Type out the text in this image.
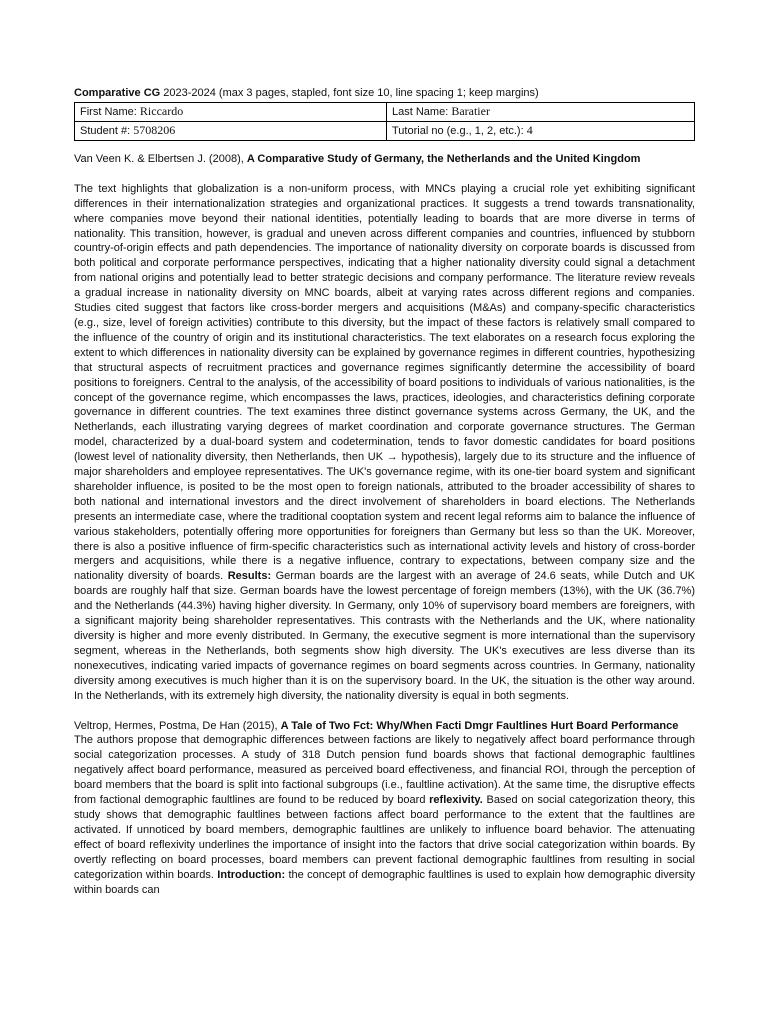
Comparative CG 2023-2024 (max 3 pages, stapled, font size 10, line spacing 1; keep margins)
First Name: Riccardo	Last Name: Baratier
Student #: 5708206	Tutorial no (e.g., 1, 2, etc.): 4
Van Veen K. & Elbertsen J. (2008), A Comparative Study of Germany, the Netherlands and the United Kingdom

The text highlights that globalization is a non-uniform process, with MNCs playing a crucial role yet exhibiting significant differences in their internationalization strategies and organizational practices. It suggests a trend towards transnationality, where companies move beyond their national identities, potentially leading to boards that are more diverse in terms of nationality. This transition, however, is gradual and uneven across different companies and countries, influenced by stubborn country-of-origin effects and path dependencies. The importance of nationality diversity on corporate boards is discussed from both political and corporate performance perspectives, indicating that a higher nationality diversity could signal a detachment from national origins and potentially lead to better strategic decisions and company performance. The literature review reveals a gradual increase in nationality diversity on MNC boards, albeit at varying rates across different regions and companies. Studies cited suggest that factors like cross-border mergers and acquisitions (M&As) and company-specific characteristics (e.g., size, level of foreign activities) contribute to this diversity, but the impact of these factors is relatively small compared to the influence of the country of origin and its institutional characteristics. The text elaborates on a research focus exploring the extent to which differences in nationality diversity can be explained by governance regimes in different countries, hypothesizing that structural aspects of recruitment practices and governance regimes significantly determine the accessibility of board positions to foreigners. Central to the analysis, of the accessibility of board positions to individuals of various nationalities, is the concept of the governance regime, which encompasses the laws, practices, ideologies, and characteristics defining corporate governance in different countries. The text examines three distinct governance systems across Germany, the UK, and the Netherlands, each illustrating varying degrees of market coordination and corporate governance structures. The German model, characterized by a dual-board system and codetermination, tends to favor domestic candidates for board positions (lowest level of nationality diversity, then Netherlands, then UK → hypothesis), largely due to its structure and the influence of major shareholders and employee representatives. The UK's governance regime, with its one-tier board system and significant shareholder influence, is posited to be the most open to foreign nationals, attributed to the broader accessibility of shares to both national and international investors and the direct involvement of shareholders in board elections. The Netherlands presents an intermediate case, where the traditional cooptation system and recent legal reforms aim to balance the influence of various stakeholders, potentially offering more opportunities for foreigners than Germany but less so than the UK. Moreover, there is also a positive influence of firm-specific characteristics such as international activity levels and history of cross-border mergers and acquisitions, while there is a negative influence, contrary to expectations, between company size and the nationality diversity of boards. Results: German boards are the largest with an average of 24.6 seats, while Dutch and UK boards are roughly half that size. German boards have the lowest percentage of foreign members (13%), with the UK (36.7%) and the Netherlands (44.3%) having higher diversity. In Germany, only 10% of supervisory board members are foreigners, with a significant majority being shareholder representatives. This contrasts with the Netherlands and the UK, where nationality diversity is higher and more evenly distributed. In Germany, the executive segment is more international than the supervisory segment, whereas in the Netherlands, both segments show high diversity. The UK's executives are less diverse than its nonexecutives, indicating varied impacts of governance regimes on board segments across countries. In Germany, nationality diversity among executives is much higher than it is on the supervisory board. In the UK, the situation is the other way around. In the Netherlands, with its extremely high diversity, the nationality diversity is equal in both segments.

Veltrop, Hermes, Postma, De Han (2015), A Tale of Two Fct: Why/When Facti Dmgr Faultlines Hurt Board Performance

The authors propose that demographic differences between factions are likely to negatively affect board performance through social categorization processes. A study of 318 Dutch pension fund boards shows that factional demographic faultlines negatively affect board performance, measured as perceived board effectiveness, and financial ROI, through the perception of board members that the board is split into factional subgroups (i.e., faultline activation). At the same time, the disruptive effects from factional demographic faultlines are found to be reduced by board reflexivity. Based on social categorization theory, this study shows that demographic faultlines between factions affect board performance to the extent that the faultlines are activated. If unnoticed by board members, demographic faultlines are unlikely to influence board behavior. The attenuating effect of board reflexivity underlines the importance of insight into the factors that drive social categorization within boards. By overtly reflecting on board processes, board members can prevent factional demographic faultlines from resulting in social categorization within boards. Introduction: the concept of demographic faultlines is used to explain how demographic diversity within boards can
